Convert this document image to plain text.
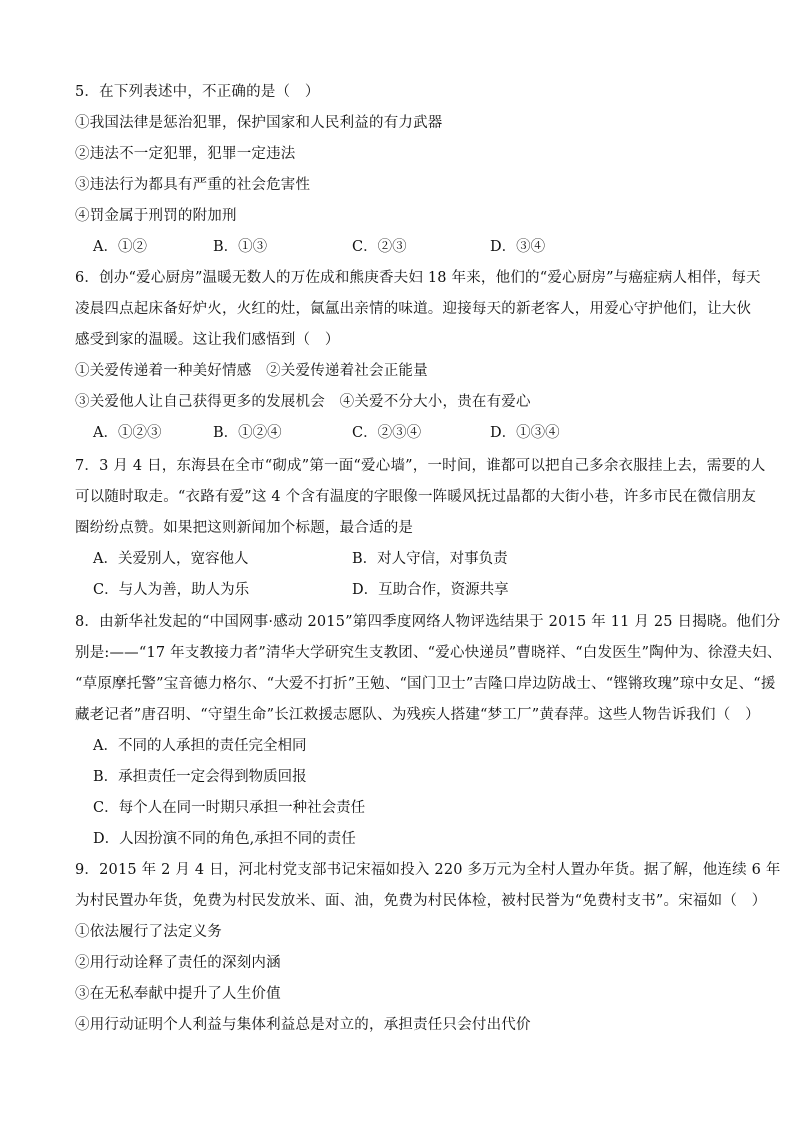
5．在下列表述中，不正确的是（　）
①我国法律是惩治犯罪，保护国家和人民利益的有力武器
②违法不一定犯罪，犯罪一定违法
③违法行为都具有严重的社会危害性
④罚金属于刑罚的附加刑
A．①②	B．①③	C．②③	D．③④
6．创办“爱心厨房”温暖无数人的万佐成和熊庚香夫妇 18 年来，他们的“爱心厨房”与癌症病人相伴，每天
凌晨四点起床备好炉火，火红的灶，氤氲出亲情的味道。迎接每天的新老客人，用爱心守护他们，让大伙
感受到家的温暖。这让我们感悟到（　）
①关爱传递着一种美好情感　②关爱传递着社会正能量
③关爱他人让自己获得更多的发展机会　④关爱不分大小，贵在有爱心
A．①②③	B．①②④	C．②③④	D．①③④
7．3 月 4 日，东海县在全市“砌成”第一面“爱心墙”，一时间，谁都可以把自己多余衣服挂上去，需要的人
可以随时取走。“衣路有爱”这 4 个含有温度的字眼像一阵暖风抚过晶都的大街小巷，许多市民在微信朋友
圈纷纷点赞。如果把这则新闻加个标题，最合适的是
A．关爱别人，宽容他人	B．对人守信，对事负责
C．与人为善，助人为乐	D．互助合作，资源共享
8．由新华社发起的“中国网事·感动 2015”第四季度网络人物评选结果于 2015 年 11 月 25 日揭晓。他们分
别是:——“17 年支教接力者”清华大学研究生支教团、“爱心快递员”曹晓祥、“白发医生”陶仲为、徐澄夫妇、
“草原摩托警”宝音德力格尔、“大爱不打折”王勉、“国门卫士”吉隆口岸边防战士、“铿锵玫瑰”琼中女足、“援
藏老记者”唐召明、“守望生命”长江救援志愿队、为残疾人搭建“梦工厂”黄春萍。这些人物告诉我们（　）
A．不同的人承担的责任完全相同
B．承担责任一定会得到物质回报
C．每个人在同一时期只承担一种社会责任
D．人因扮演不同的角色,承担不同的责任
9．2015 年 2 月 4 日，河北村党支部书记宋福如投入 220 多万元为全村人置办年货。据了解，他连续 6 年
为村民置办年货，免费为村民发放米、面、油，免费为村民体检，被村民誉为“免费村支书”。宋福如（　）
①依法履行了法定义务
②用行动诠释了责任的深刻内涵
③在无私奉献中提升了人生价值
④用行动证明个人利益与集体利益总是对立的，承担责任只会付出代价
